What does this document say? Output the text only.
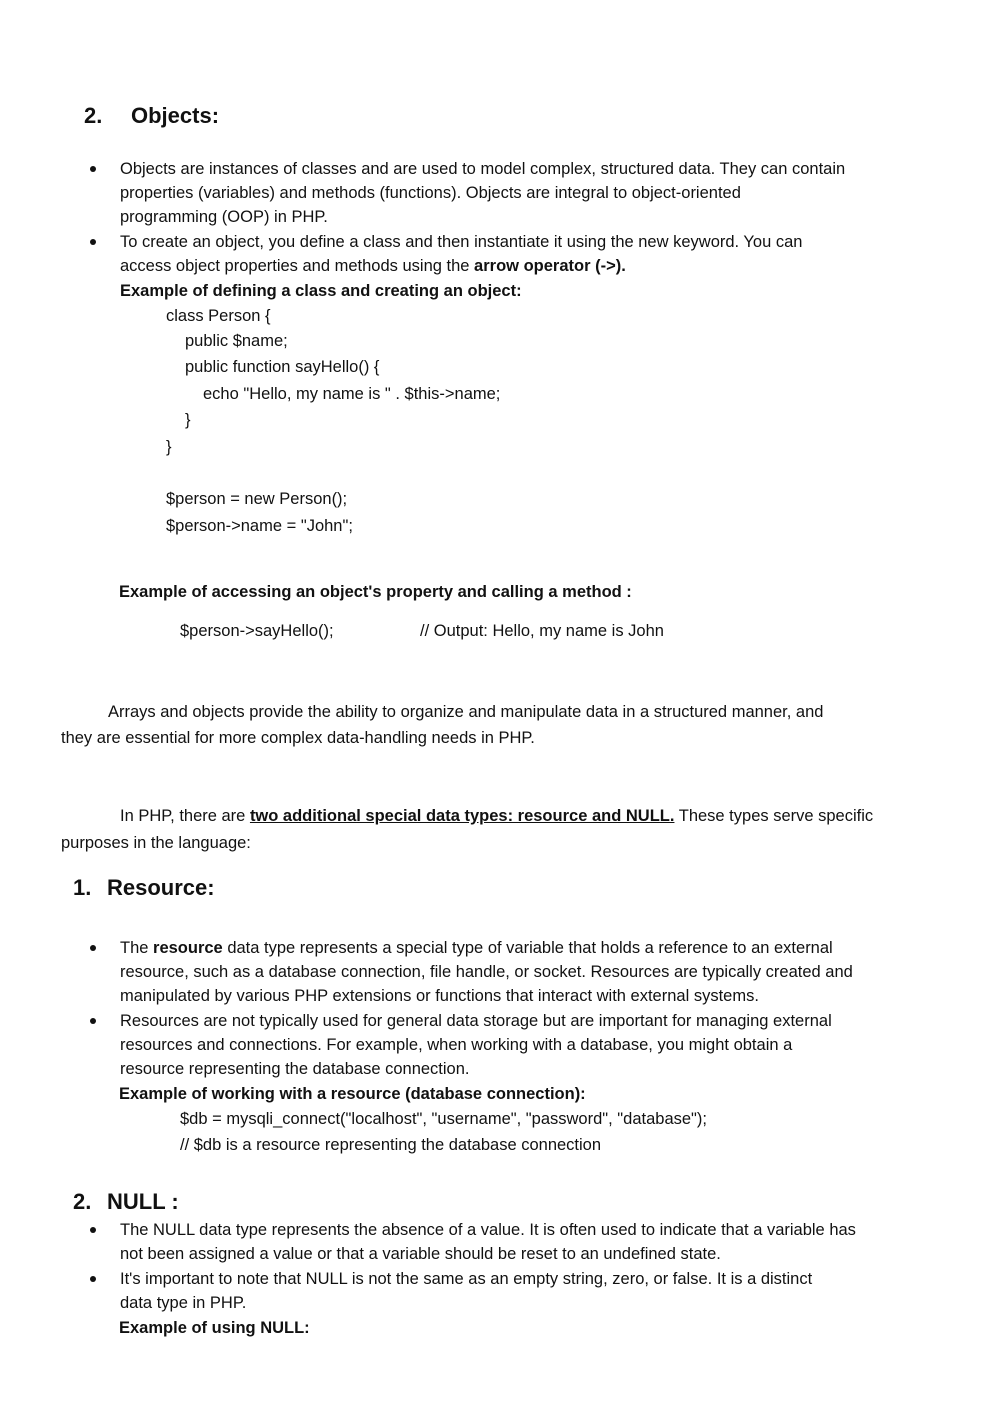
2. Objects:
Objects are instances of classes and are used to model complex, structured data. They can contain
properties (variables) and methods (functions). Objects are integral to object-oriented
programming (OOP) in PHP.
To create an object, you define a class and then instantiate it using the new keyword. You can
access object properties and methods using the arrow operator (->).
Example of defining a class and creating an object:
class Person {
public $name;
public function sayHello() {
echo "Hello, my name is " . $this->name;
}
}
$person = new Person();
$person->name = "John";
Example of accessing an object's property and calling a method :
$person->sayHello();	// Output: Hello, my name is John
Arrays and objects provide the ability to organize and manipulate data in a structured manner, and
they are essential for more complex data-handling needs in PHP.
In PHP, there are two additional special data types: resource and NULL. These types serve specific
purposes in the language:
1. Resource:
The resource data type represents a special type of variable that holds a reference to an external
resource, such as a database connection, file handle, or socket. Resources are typically created and
manipulated by various PHP extensions or functions that interact with external systems.
Resources are not typically used for general data storage but are important for managing external
resources and connections. For example, when working with a database, you might obtain a
resource representing the database connection.
Example of working with a resource (database connection):
$db = mysqli_connect("localhost", "username", "password", "database");
// $db is a resource representing the database connection
2. NULL :
The NULL data type represents the absence of a value. It is often used to indicate that a variable has
not been assigned a value or that a variable should be reset to an undefined state.
It's important to note that NULL is not the same as an empty string, zero, or false. It is a distinct
data type in PHP.
Example of using NULL:
